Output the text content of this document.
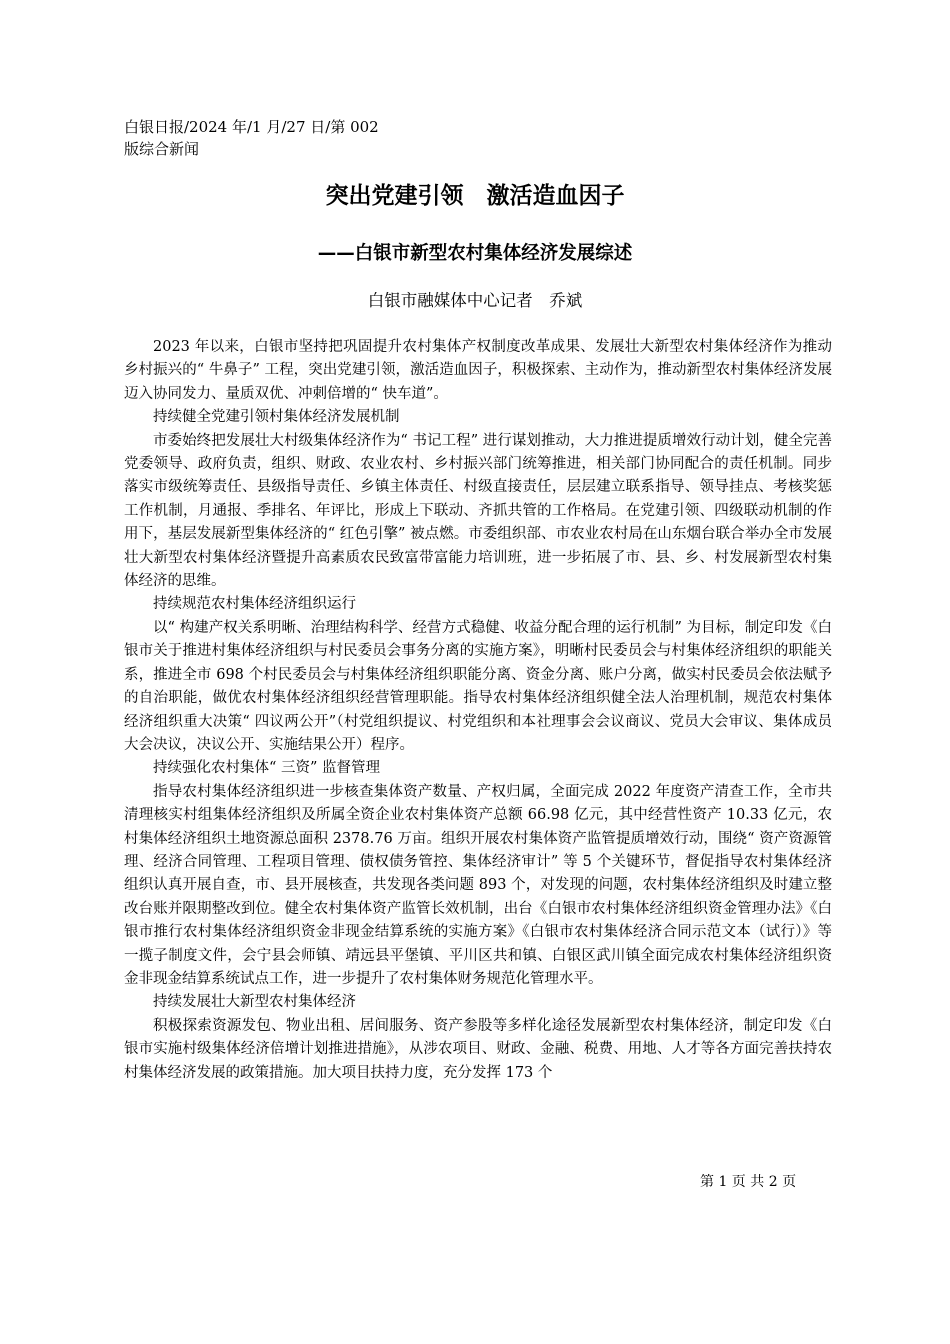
白银日报/2024 年/1 月/27 日/第 002
版综合新闻
突出党建引领　激活造血因子
——白银市新型农村集体经济发展综述
白银市融媒体中心记者　乔斌

2023 年以来，白银市坚持把巩固提升农村集体产权制度改革成果、发展壮大新型农村集体经济作为推动乡村振兴的“ 牛鼻子” 工程，突出党建引领，激活造血因子，积极探索、主动作为，推动新型农村集体经济发展迈入协同发力、量质双优、冲刺倍增的“ 快车道”。

持续健全党建引领村集体经济发展机制

市委始终把发展壮大村级集体经济作为“ 书记工程” 进行谋划推动，大力推进提质增效行动计划，健全完善党委领导、政府负责，组织、财政、农业农村、乡村振兴部门统筹推进，相关部门协同配合的责任机制。同步落实市级统筹责任、县级指导责任、乡镇主体责任、村级直接责任，层层建立联系指导、领导挂点、考核奖惩工作机制，月通报、季排名、年评比，形成上下联动、齐抓共管的工作格局。在党建引领、四级联动机制的作用下，基层发展新型集体经济的“ 红色引擎” 被点燃。市委组织部、市农业农村局在山东烟台联合举办全市发展壮大新型农村集体经济暨提升高素质农民致富带富能力培训班，进一步拓展了市、县、乡、村发展新型农村集体经济的思维。

持续规范农村集体经济组织运行

以“ 构建产权关系明晰、治理结构科学、经营方式稳健、收益分配合理的运行机制” 为目标，制定印发《白银市关于推进村集体经济组织与村民委员会事务分离的实施方案》，明晰村民委员会与村集体经济组织的职能关系，推进全市 698 个村民委员会与村集体经济组织职能分离、资金分离、账户分离，做实村民委员会依法赋予的自治职能，做优农村集体经济组织经营管理职能。指导农村集体经济组织健全法人治理机制，规范农村集体经济组织重大决策“ 四议两公开”（村党组织提议、村党组织和本社理事会会议商议、党员大会审议、集体成员大会决议，决议公开、实施结果公开）程序。

持续强化农村集体“ 三资” 监督管理

指导农村集体经济组织进一步核查集体资产数量、产权归属，全面完成 2022 年度资产清查工作，全市共清理核实村组集体经济组织及所属全资企业农村集体资产总额 66.98 亿元，其中经营性资产 10.33 亿元，农村集体经济组织土地资源总面积 2378.76 万亩。组织开展农村集体资产监管提质增效行动，围绕“ 资产资源管理、经济合同管理、工程项目管理、债权债务管控、集体经济审计” 等 5 个关键环节，督促指导农村集体经济组织认真开展自查，市、县开展核查，共发现各类问题 893 个，对发现的问题，农村集体经济组织及时建立整改台账并限期整改到位。健全农村集体资产监管长效机制，出台《白银市农村集体经济组织资金管理办法》《白银市推行农村集体经济组织资金非现金结算系统的实施方案》《白银市农村集体经济合同示范文本（试行）》等一揽子制度文件，会宁县会师镇、靖远县平堡镇、平川区共和镇、白银区武川镇全面完成农村集体经济组织资金非现金结算系统试点工作，进一步提升了农村集体财务规范化管理水平。

持续发展壮大新型农村集体经济

积极探索资源发包、物业出租、居间服务、资产参股等多样化途径发展新型农村集体经济，制定印发《白银市实施村级集体经济倍增计划推进措施》，从涉农项目、财政、金融、税费、用地、人才等各方面完善扶持农村集体经济发展的政策措施。加大项目扶持力度，充分发挥 173 个

第 1 页 共 2 页
